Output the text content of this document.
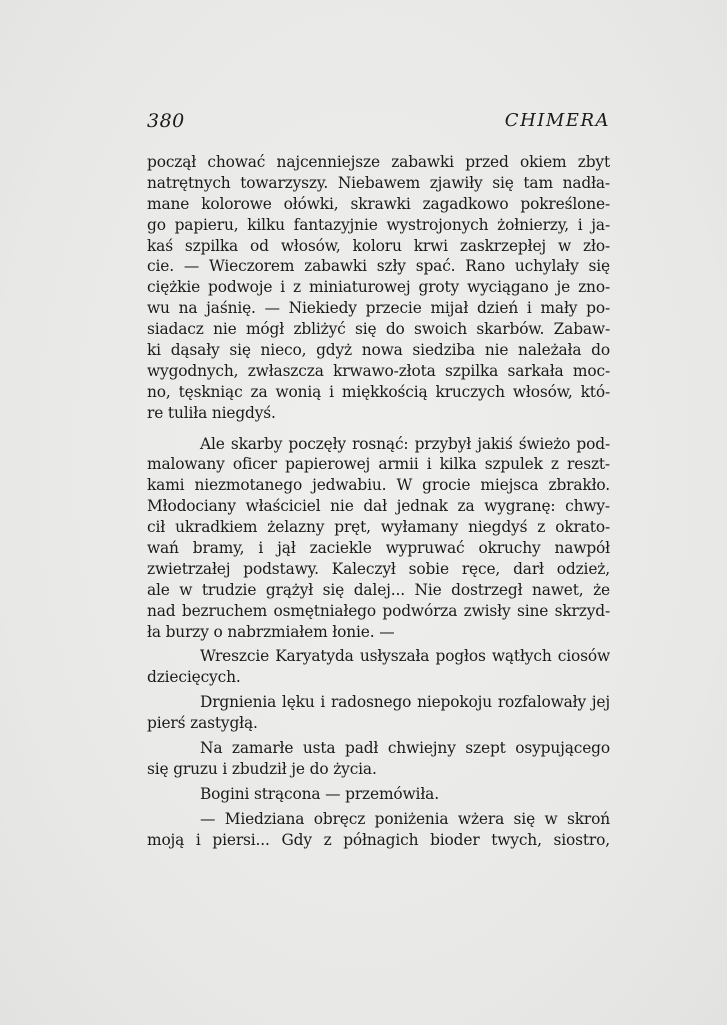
380	CHIMERA
począł chować najcenniejsze zabawki przed okiem zbyt
natrętnych towarzyszy. Niebawem zjawiły się tam nadła-
mane kolorowe ołówki, skrawki zagadkowo pokreślone-
go papieru, kilku fantazyjnie wystrojonych żołnierzy, i ja-
kaś szpilka od włosów, koloru krwi zaskrzepłej w zło-
cie. — Wieczorem zabawki szły spać. Rano uchylały się
ciężkie podwoje i z miniaturowej groty wyciągano je zno-
wu na jaśnię. — Niekiedy przecie mijał dzień i mały po-
siadacz nie mógł zbliżyć się do swoich skarbów. Zabaw-
ki dąsały się nieco, gdyż nowa siedziba nie należała do
wygodnych, zwłaszcza krwawo-złota szpilka sarkała moc-
no, tęskniąc za wonią i miękkością kruczych włosów, któ-
re tuliła niegdyś.
Ale skarby poczęły rosnąć: przybył jakiś świeżo pod-
malowany oficer papierowej armii i kilka szpulek z reszt-
kami niezmotanego jedwabiu. W grocie miejsca zbrakło.
Młodociany właściciel nie dał jednak za wygranę: chwy-
cił ukradkiem żelazny pręt, wyłamany niegdyś z okrato-
wań bramy, i jął zaciekle wypruwać okruchy nawpół
zwietrzałej podstawy. Kaleczył sobie ręce, darł odzież,
ale w trudzie grążył się dalej... Nie dostrzegł nawet, że
nad bezruchem osmętniałego podwórza zwisły sine skrzyd-
ła burzy o nabrzmiałem łonie. —
Wreszcie Karyatyda usłyszała pogłos wątłych ciosów
dziecięcych.
Drgnienia lęku i radosnego niepokoju rozfalowały jej
pierś zastygłą.
Na zamarłe usta padł chwiejny szept osypującego
się gruzu i zbudził je do życia.
Bogini strącona — przemówiła.
— Miedziana obręcz poniżenia wżera się w skroń
moją i piersi... Gdy z półnagich bioder twych, siostro,
